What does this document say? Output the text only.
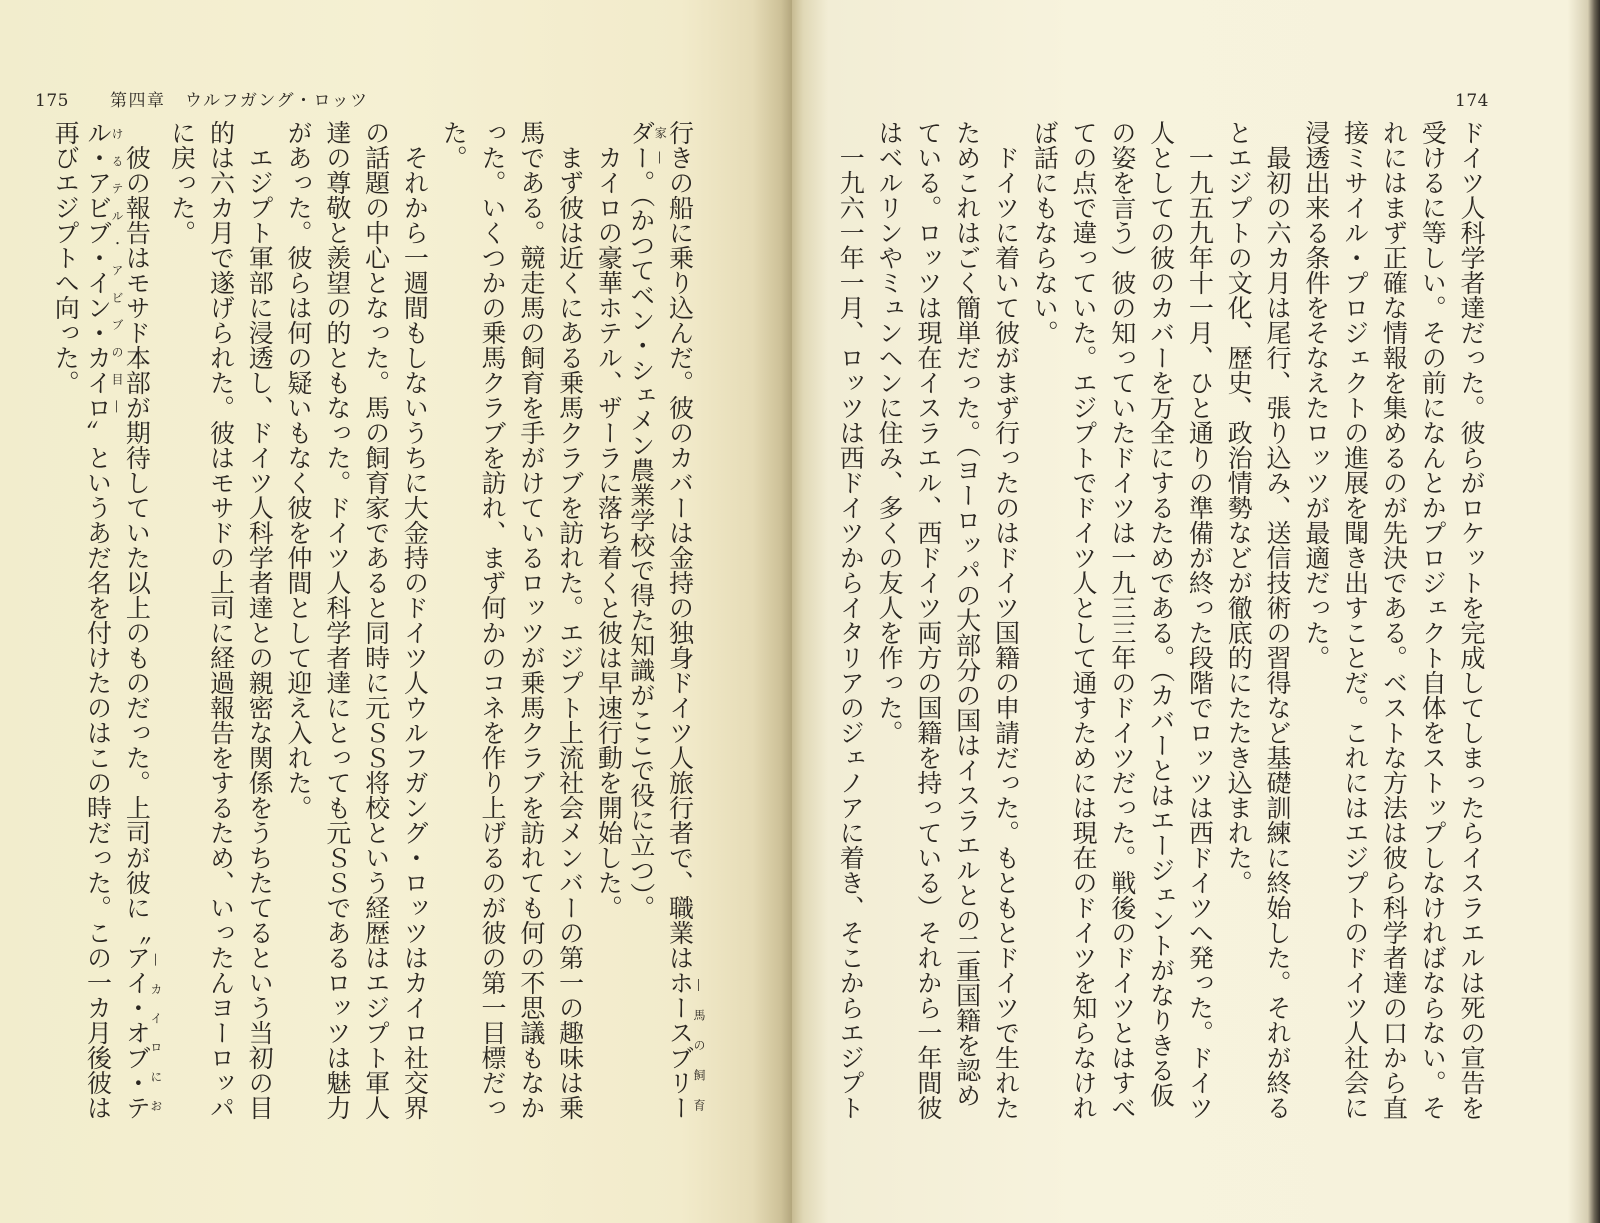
175 第四章 ウルフガング・ロッツ
行きの船に乗り込んだ。彼のカバーは金持の独身ドイツ人旅行者で、職業はホースブリー―馬の飼育
ダー家―。（かつてベン・シェメン農業学校で得た知識がここで役に立つ）。
　カイロの豪華ホテル、ザーラに落ち着くと彼は早速行動を開始した。
　まず彼は近くにある乗馬クラブを訪れた。エジプト上流社会メンバーの第一の趣味は乗
馬である。競走馬の飼育を手がけているロッツが乗馬クラブを訪れても何の不思議もなか
った。いくつかの乗馬クラブを訪れ、まず何かのコネを作り上げるのが彼の第一目標だっ
た。
　それから一週間もしないうちに大金持のドイツ人ウルフガング・ロッツはカイロ社交界
の話題の中心となった。馬の飼育家であると同時に元ＳＳ将校という経歴はエジプト軍人
達の尊敬と羨望の的ともなった。ドイツ人科学者達にとっても元ＳＳであるロッツは魅力
があった。彼らは何の疑いもなく彼を仲間として迎え入れた。
　エジプト軍部に浸透し、ドイツ人科学者達との親密な関係をうちたてるという当初の目
的は六カ月で遂げられた。彼はモサドの上司に経過報告をするため、いったんヨーロッパ
に戻った。
　彼の報告はモサド本部が期待していた以上のものだった。上司が彼に〝アイ・オブ・テ―カイロにお
ル・アビブ・イン・カイロけるテル・アビブの目―〟というあだ名を付けたのはこの時だった。この一カ月後彼は
再びエジプトへ向った。
174
ドイツ人科学者達だった。彼らがロケットを完成してしまったらイスラエルは死の宣告を
受けるに等しい。その前になんとかプロジェクト自体をストップしなければならない。そ
れにはまず正確な情報を集めるのが先決である。ベストな方法は彼ら科学者達の口から直
接ミサイル・プロジェクトの進展を聞き出すことだ。これにはエジプトのドイツ人社会に
浸透出来る条件をそなえたロッツが最適だった。
　最初の六カ月は尾行、張り込み、送信技術の習得など基礎訓練に終始した。それが終る
とエジプトの文化、歴史、政治情勢などが徹底的にたたき込まれた。
　一九五九年十一月、ひと通りの準備が終った段階でロッツは西ドイツへ発った。ドイツ
人としての彼のカバーを万全にするためである。（カバーとはエージェントがなりきる仮
の姿を言う）彼の知っていたドイツは一九三三年のドイツだった。戦後のドイツとはすべ
ての点で違っていた。エジプトでドイツ人として通すためには現在のドイツを知らなけれ
ば話にもならない。
　ドイツに着いて彼がまず行ったのはドイツ国籍の申請だった。もともとドイツで生れた
ためこれはごく簡単だった。（ヨーロッパの大部分の国はイスラエルとの二重国籍を認め
ている。ロッツは現在イスラエル、西ドイツ両方の国籍を持っている）それから一年間彼
はベルリンやミュンヘンに住み、多くの友人を作った。
　一九六一年一月、ロッツは西ドイツからイタリアのジェノアに着き、そこからエジプト
